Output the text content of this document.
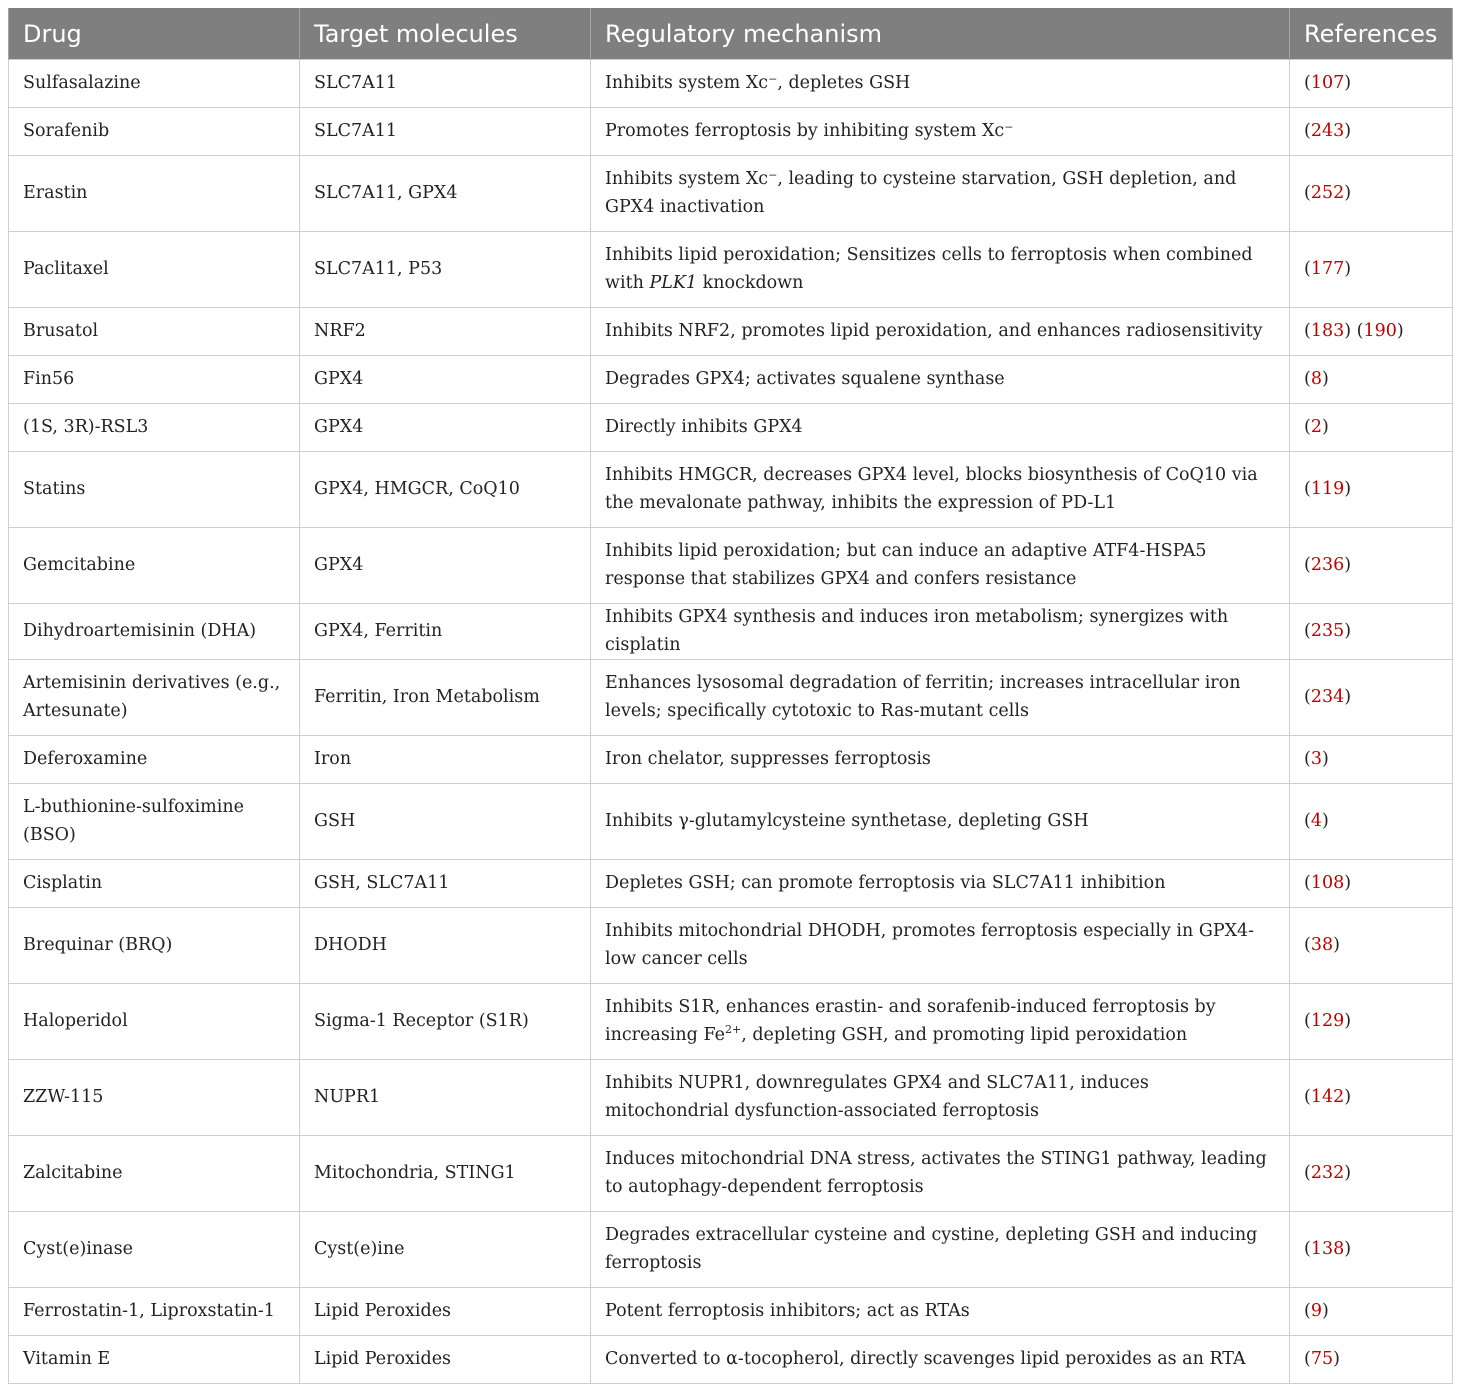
Drug	Target molecules	Regulatory mechanism	References
Sulfasalazine	SLC7A11	Inhibits system Xc⁻, depletes GSH	(107)
Sorafenib	SLC7A11	Promotes ferroptosis by inhibiting system Xc⁻	(243)
Erastin	SLC7A11, GPX4	Inhibits system Xc⁻, leading to cysteine starvation, GSH depletion, and GPX4 inactivation	(252)
Paclitaxel	SLC7A11, P53	Inhibits lipid peroxidation; Sensitizes cells to ferroptosis when combined with PLK1 knockdown	(177)
Brusatol	NRF2	Inhibits NRF2, promotes lipid peroxidation, and enhances radiosensitivity	(183) (190)
Fin56	GPX4	Degrades GPX4; activates squalene synthase	(8)
(1S, 3R)-RSL3	GPX4	Directly inhibits GPX4	(2)
Statins	GPX4, HMGCR, CoQ10	Inhibits HMGCR, decreases GPX4 level, blocks biosynthesis of CoQ10 via the mevalonate pathway, inhibits the expression of PD-L1	(119)
Gemcitabine	GPX4	Inhibits lipid peroxidation; but can induce an adaptive ATF4-HSPA5 response that stabilizes GPX4 and confers resistance	(236)
Dihydroartemisinin (DHA)	GPX4, Ferritin	Inhibits GPX4 synthesis and induces iron metabolism; synergizes with cisplatin	(235)
Artemisinin derivatives (e.g., Artesunate)	Ferritin, Iron Metabolism	Enhances lysosomal degradation of ferritin; increases intracellular iron levels; specifically cytotoxic to Ras-mutant cells	(234)
Deferoxamine	Iron	Iron chelator, suppresses ferroptosis	(3)
L-buthionine-sulfoximine (BSO)	GSH	Inhibits γ-glutamylcysteine synthetase, depleting GSH	(4)
Cisplatin	GSH, SLC7A11	Depletes GSH; can promote ferroptosis via SLC7A11 inhibition	(108)
Brequinar (BRQ)	DHODH	Inhibits mitochondrial DHODH, promotes ferroptosis especially in GPX4-low cancer cells	(38)
Haloperidol	Sigma-1 Receptor (S1R)	Inhibits S1R, enhances erastin- and sorafenib-induced ferroptosis by increasing $Fe^{2+}$, depleting GSH, and promoting lipid peroxidation	(129)
ZZW-115	NUPR1	Inhibits NUPR1, downregulates GPX4 and SLC7A11, induces mitochondrial dysfunction-associated ferroptosis	(142)
Zalcitabine	Mitochondria, STING1	Induces mitochondrial DNA stress, activates the STING1 pathway, leading to autophagy-dependent ferroptosis	(232)
Cyst(e)inase	Cyst(e)ine	Degrades extracellular cysteine and cystine, depleting GSH and inducing ferroptosis	(138)
Ferrostatin-1, Liproxstatin-1	Lipid Peroxides	Potent ferroptosis inhibitors; act as RTAs	(9)
Vitamin E	Lipid Peroxides	Converted to α-tocopherol, directly scavenges lipid peroxides as an RTA	(75)
